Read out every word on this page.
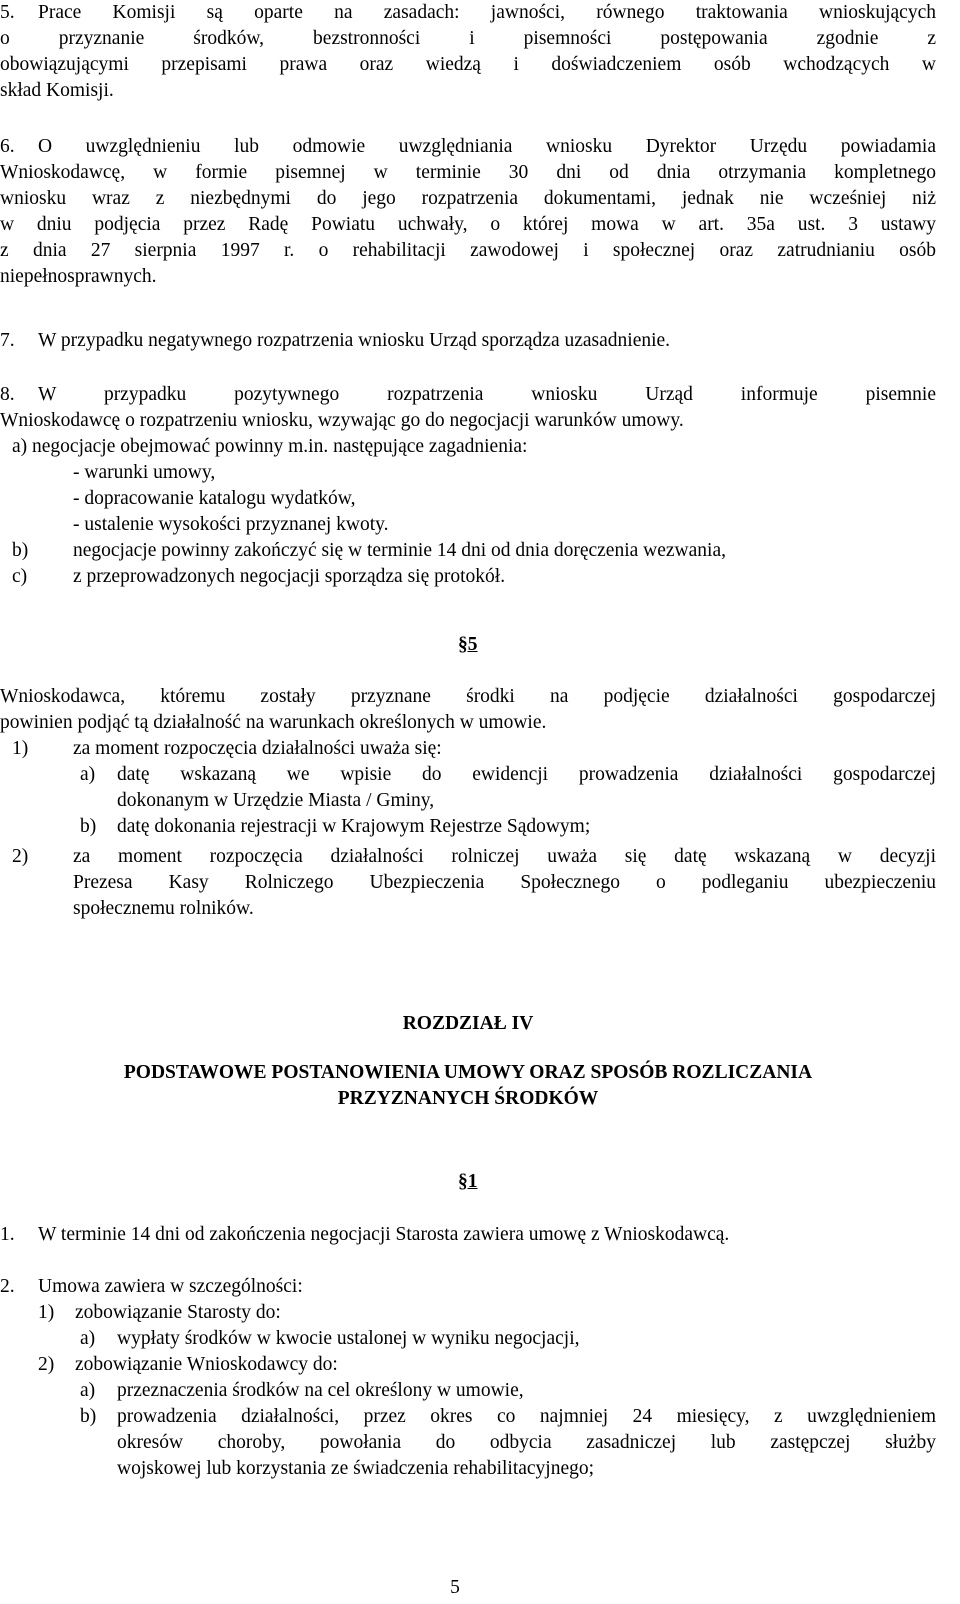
5. Prace Komisji są oparte na zasadach: jawności, równego traktowania wnioskujących
o przyznanie środków, bezstronności i pisemności postępowania zgodnie z
obowiązującymi przepisami prawa oraz wiedzą i doświadczeniem osób wchodzących w
skład Komisji.
6. O uwzględnieniu lub odmowie uwzględniania wniosku Dyrektor Urzędu powiadamia
Wnioskodawcę, w formie pisemnej w terminie 30 dni od dnia otrzymania kompletnego
wniosku wraz z niezbędnymi do jego rozpatrzenia dokumentami, jednak nie wcześniej niż
w dniu podjęcia przez Radę Powiatu uchwały, o której mowa w art. 35a ust. 3 ustawy
z dnia 27 sierpnia 1997 r. o rehabilitacji zawodowej i społecznej oraz zatrudnianiu osób
niepełnosprawnych.
7. W przypadku negatywnego rozpatrzenia wniosku Urząd sporządza uzasadnienie.
8. W przypadku pozytywnego rozpatrzenia wniosku Urząd informuje pisemnie
Wnioskodawcę o rozpatrzeniu wniosku, wzywając go do negocjacji warunków umowy.
a) negocjacje obejmować powinny m.in. następujące zagadnienia:
- warunki umowy,
- dopracowanie katalogu wydatków,
- ustalenie wysokości przyznanej kwoty.
b) negocjacje powinny zakończyć się w terminie 14 dni od dnia doręczenia wezwania,
c) z przeprowadzonych negocjacji sporządza się protokół.
§5
Wnioskodawca, któremu zostały przyznane środki na podjęcie działalności gospodarczej
powinien podjąć tą działalność na warunkach określonych w umowie.
1) za moment rozpoczęcia działalności uważa się:
a) datę wskazaną we wpisie do ewidencji prowadzenia działalności gospodarczej
dokonanym w Urzędzie Miasta / Gminy,
b) datę dokonania rejestracji w Krajowym Rejestrze Sądowym;
2) za moment rozpoczęcia działalności rolniczej uważa się datę wskazaną w decyzji
Prezesa Kasy Rolniczego Ubezpieczenia Społecznego o podleganiu ubezpieczeniu
społecznemu rolników.
ROZDZIAŁ IV
PODSTAWOWE POSTANOWIENIA UMOWY ORAZ SPOSÓB ROZLICZANIA
PRZYZNANYCH ŚRODKÓW
§1
1. W terminie 14 dni od zakończenia negocjacji Starosta zawiera umowę z Wnioskodawcą.
2. Umowa zawiera w szczególności:
1) zobowiązanie Starosty do:
a) wypłaty środków w kwocie ustalonej w wyniku negocjacji,
2) zobowiązanie Wnioskodawcy do:
a) przeznaczenia środków na cel określony w umowie,
b) prowadzenia działalności, przez okres co najmniej 24 miesięcy, z uwzględnieniem
okresów choroby, powołania do odbycia zasadniczej lub zastępczej służby
wojskowej lub korzystania ze świadczenia rehabilitacyjnego;
5
